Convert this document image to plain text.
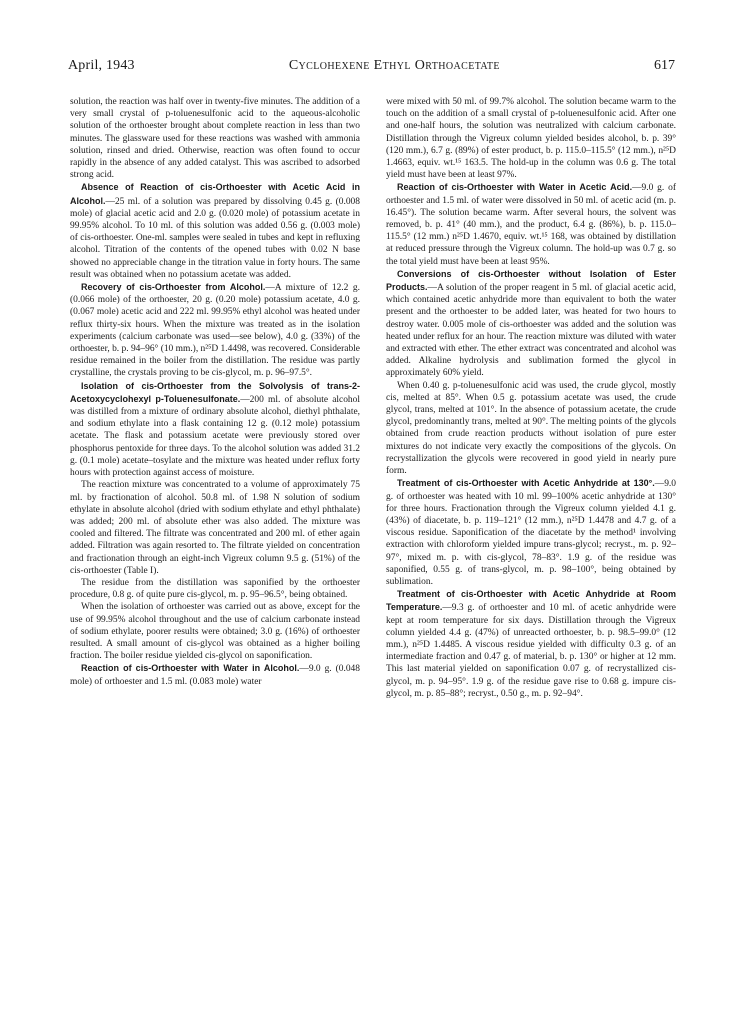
April, 1943	Cyclohexene Ethyl Orthoacetate	617

solution, the reaction was half over in twenty-five minutes. The addition of a very small crystal of p-toluenesulfonic acid to the aqueous-alcoholic solution of the orthoester brought about complete reaction in less than two minutes. The glassware used for these reactions was washed with ammonia solution, rinsed and dried. Otherwise, reaction was often found to occur rapidly in the absence of any added catalyst. This was ascribed to adsorbed strong acid.

Absence of Reaction of cis-Orthoester with Acetic Acid in Alcohol.—25 ml. of a solution was prepared by dissolving 0.45 g. (0.008 mole) of glacial acetic acid and 2.0 g. (0.020 mole) of potassium acetate in 99.95% alcohol. To 10 ml. of this solution was added 0.56 g. (0.003 mole) of cis-orthoester. One-ml. samples were sealed in tubes and kept in refluxing alcohol. Titration of the contents of the opened tubes with 0.02 N base showed no appreciable change in the titration value in forty hours. The same result was obtained when no potassium acetate was added.

Recovery of cis-Orthoester from Alcohol.—A mixture of 12.2 g. (0.066 mole) of the orthoester, 20 g. (0.20 mole) potassium acetate, 4.0 g. (0.067 mole) acetic acid and 222 ml. 99.95% ethyl alcohol was heated under reflux thirty-six hours. When the mixture was treated as in the isolation experiments (calcium carbonate was used—see below), 4.0 g. (33%) of the orthoester, b. p. 94–96° (10 mm.), n²⁵D 1.4498, was recovered. Considerable residue remained in the boiler from the distillation. The residue was partly crystalline, the crystals proving to be cis-glycol, m. p. 96–97.5°.

Isolation of cis-Orthoester from the Solvolysis of trans-2-Acetoxycyclohexyl p-Toluenesulfonate.—200 ml. of absolute alcohol was distilled from a mixture of ordinary absolute alcohol, diethyl phthalate, and sodium ethylate into a flask containing 12 g. (0.12 mole) potassium acetate. The flask and potassium acetate were previously stored over phosphorus pentoxide for three days. To the alcohol solution was added 31.2 g. (0.1 mole) acetate–tosylate and the mixture was heated under reflux forty hours with protection against access of moisture.

The reaction mixture was concentrated to a volume of approximately 75 ml. by fractionation of alcohol. 50.8 ml. of 1.98 N solution of sodium ethylate in absolute alcohol (dried with sodium ethylate and ethyl phthalate) was added; 200 ml. of absolute ether was also added. The mixture was cooled and filtered. The filtrate was concentrated and 200 ml. of ether again added. Filtration was again resorted to. The filtrate yielded on concentration and fractionation through an eight-inch Vigreux column 9.5 g. (51%) of the cis-orthoester (Table I).

The residue from the distillation was saponified by the orthoester procedure, 0.8 g. of quite pure cis-glycol, m. p. 95–96.5°, being obtained.

When the isolation of orthoester was carried out as above, except for the use of 99.95% alcohol throughout and the use of calcium carbonate instead of sodium ethylate, poorer results were obtained; 3.0 g. (16%) of orthoester resulted. A small amount of cis-glycol was obtained as a higher boiling fraction. The boiler residue yielded cis-glycol on saponification.

Reaction of cis-Orthoester with Water in Alcohol.—9.0 g. (0.048 mole) of orthoester and 1.5 ml. (0.083 mole) water

were mixed with 50 ml. of 99.7% alcohol. The solution became warm to the touch on the addition of a small crystal of p-toluenesulfonic acid. After one and one-half hours, the solution was neutralized with calcium carbonate. Distillation through the Vigreux column yielded besides alcohol, b. p. 39° (120 mm.), 6.7 g. (89%) of ester product, b. p. 115.0–115.5° (12 mm.), n²⁵D 1.4663, equiv. wt.¹⁵ 163.5. The hold-up in the column was 0.6 g. The total yield must have been at least 97%.

Reaction of cis-Orthoester with Water in Acetic Acid.—9.0 g. of orthoester and 1.5 ml. of water were dissolved in 50 ml. of acetic acid (m. p. 16.45°). The solution became warm. After several hours, the solvent was removed, b. p. 41° (40 mm.), and the product, 6.4 g. (86%), b. p. 115.0–115.5° (12 mm.) n²⁵D 1.4670, equiv. wt.¹⁵ 168, was obtained by distillation at reduced pressure through the Vigreux column. The hold-up was 0.7 g. so the total yield must have been at least 95%.

Conversions of cis-Orthoester without Isolation of Ester Products.—A solution of the proper reagent in 5 ml. of glacial acetic acid, which contained acetic anhydride more than equivalent to both the water present and the orthoester to be added later, was heated for two hours to destroy water. 0.005 mole of cis-orthoester was added and the solution was heated under reflux for an hour. The reaction mixture was diluted with water and extracted with ether. The ether extract was concentrated and alcohol was added. Alkaline hydrolysis and sublimation formed the glycol in approximately 60% yield.

When 0.40 g. p-toluenesulfonic acid was used, the crude glycol, mostly cis, melted at 85°. When 0.5 g. potassium acetate was used, the crude glycol, trans, melted at 101°. In the absence of potassium acetate, the crude glycol, predominantly trans, melted at 90°. The melting points of the glycols obtained from crude reaction products without isolation of pure ester mixtures do not indicate very exactly the compositions of the glycols. On recrystallization the glycols were recovered in good yield in nearly pure form.

Treatment of cis-Orthoester with Acetic Anhydride at 130°.—9.0 g. of orthoester was heated with 10 ml. 99–100% acetic anhydride at 130° for three hours. Fractionation through the Vigreux column yielded 4.1 g. (43%) of diacetate, b. p. 119–121° (12 mm.), n²⁵D 1.4478 and 4.7 g. of a viscous residue. Saponification of the diacetate by the method¹ involving extraction with chloroform yielded impure trans-glycol; recryst., m. p. 92–97°, mixed m. p. with cis-glycol, 78–83°. 1.9 g. of the residue was saponified, 0.55 g. of trans-glycol, m. p. 98–100°, being obtained by sublimation.

Treatment of cis-Orthoester with Acetic Anhydride at Room Temperature.—9.3 g. of orthoester and 10 ml. of acetic anhydride were kept at room temperature for six days. Distillation through the Vigreux column yielded 4.4 g. (47%) of unreacted orthoester, b. p. 98.5–99.0° (12 mm.), n²⁵D 1.4485. A viscous residue yielded with difficulty 0.3 g. of an intermediate fraction and 0.47 g. of material, b. p. 130° or higher at 12 mm. This last material yielded on saponification 0.07 g. of recrystallized cis-glycol, m. p. 94–95°. 1.9 g. of the residue gave rise to 0.68 g. impure cis-glycol, m. p. 85–88°; recryst., 0.50 g., m. p. 92–94°.
